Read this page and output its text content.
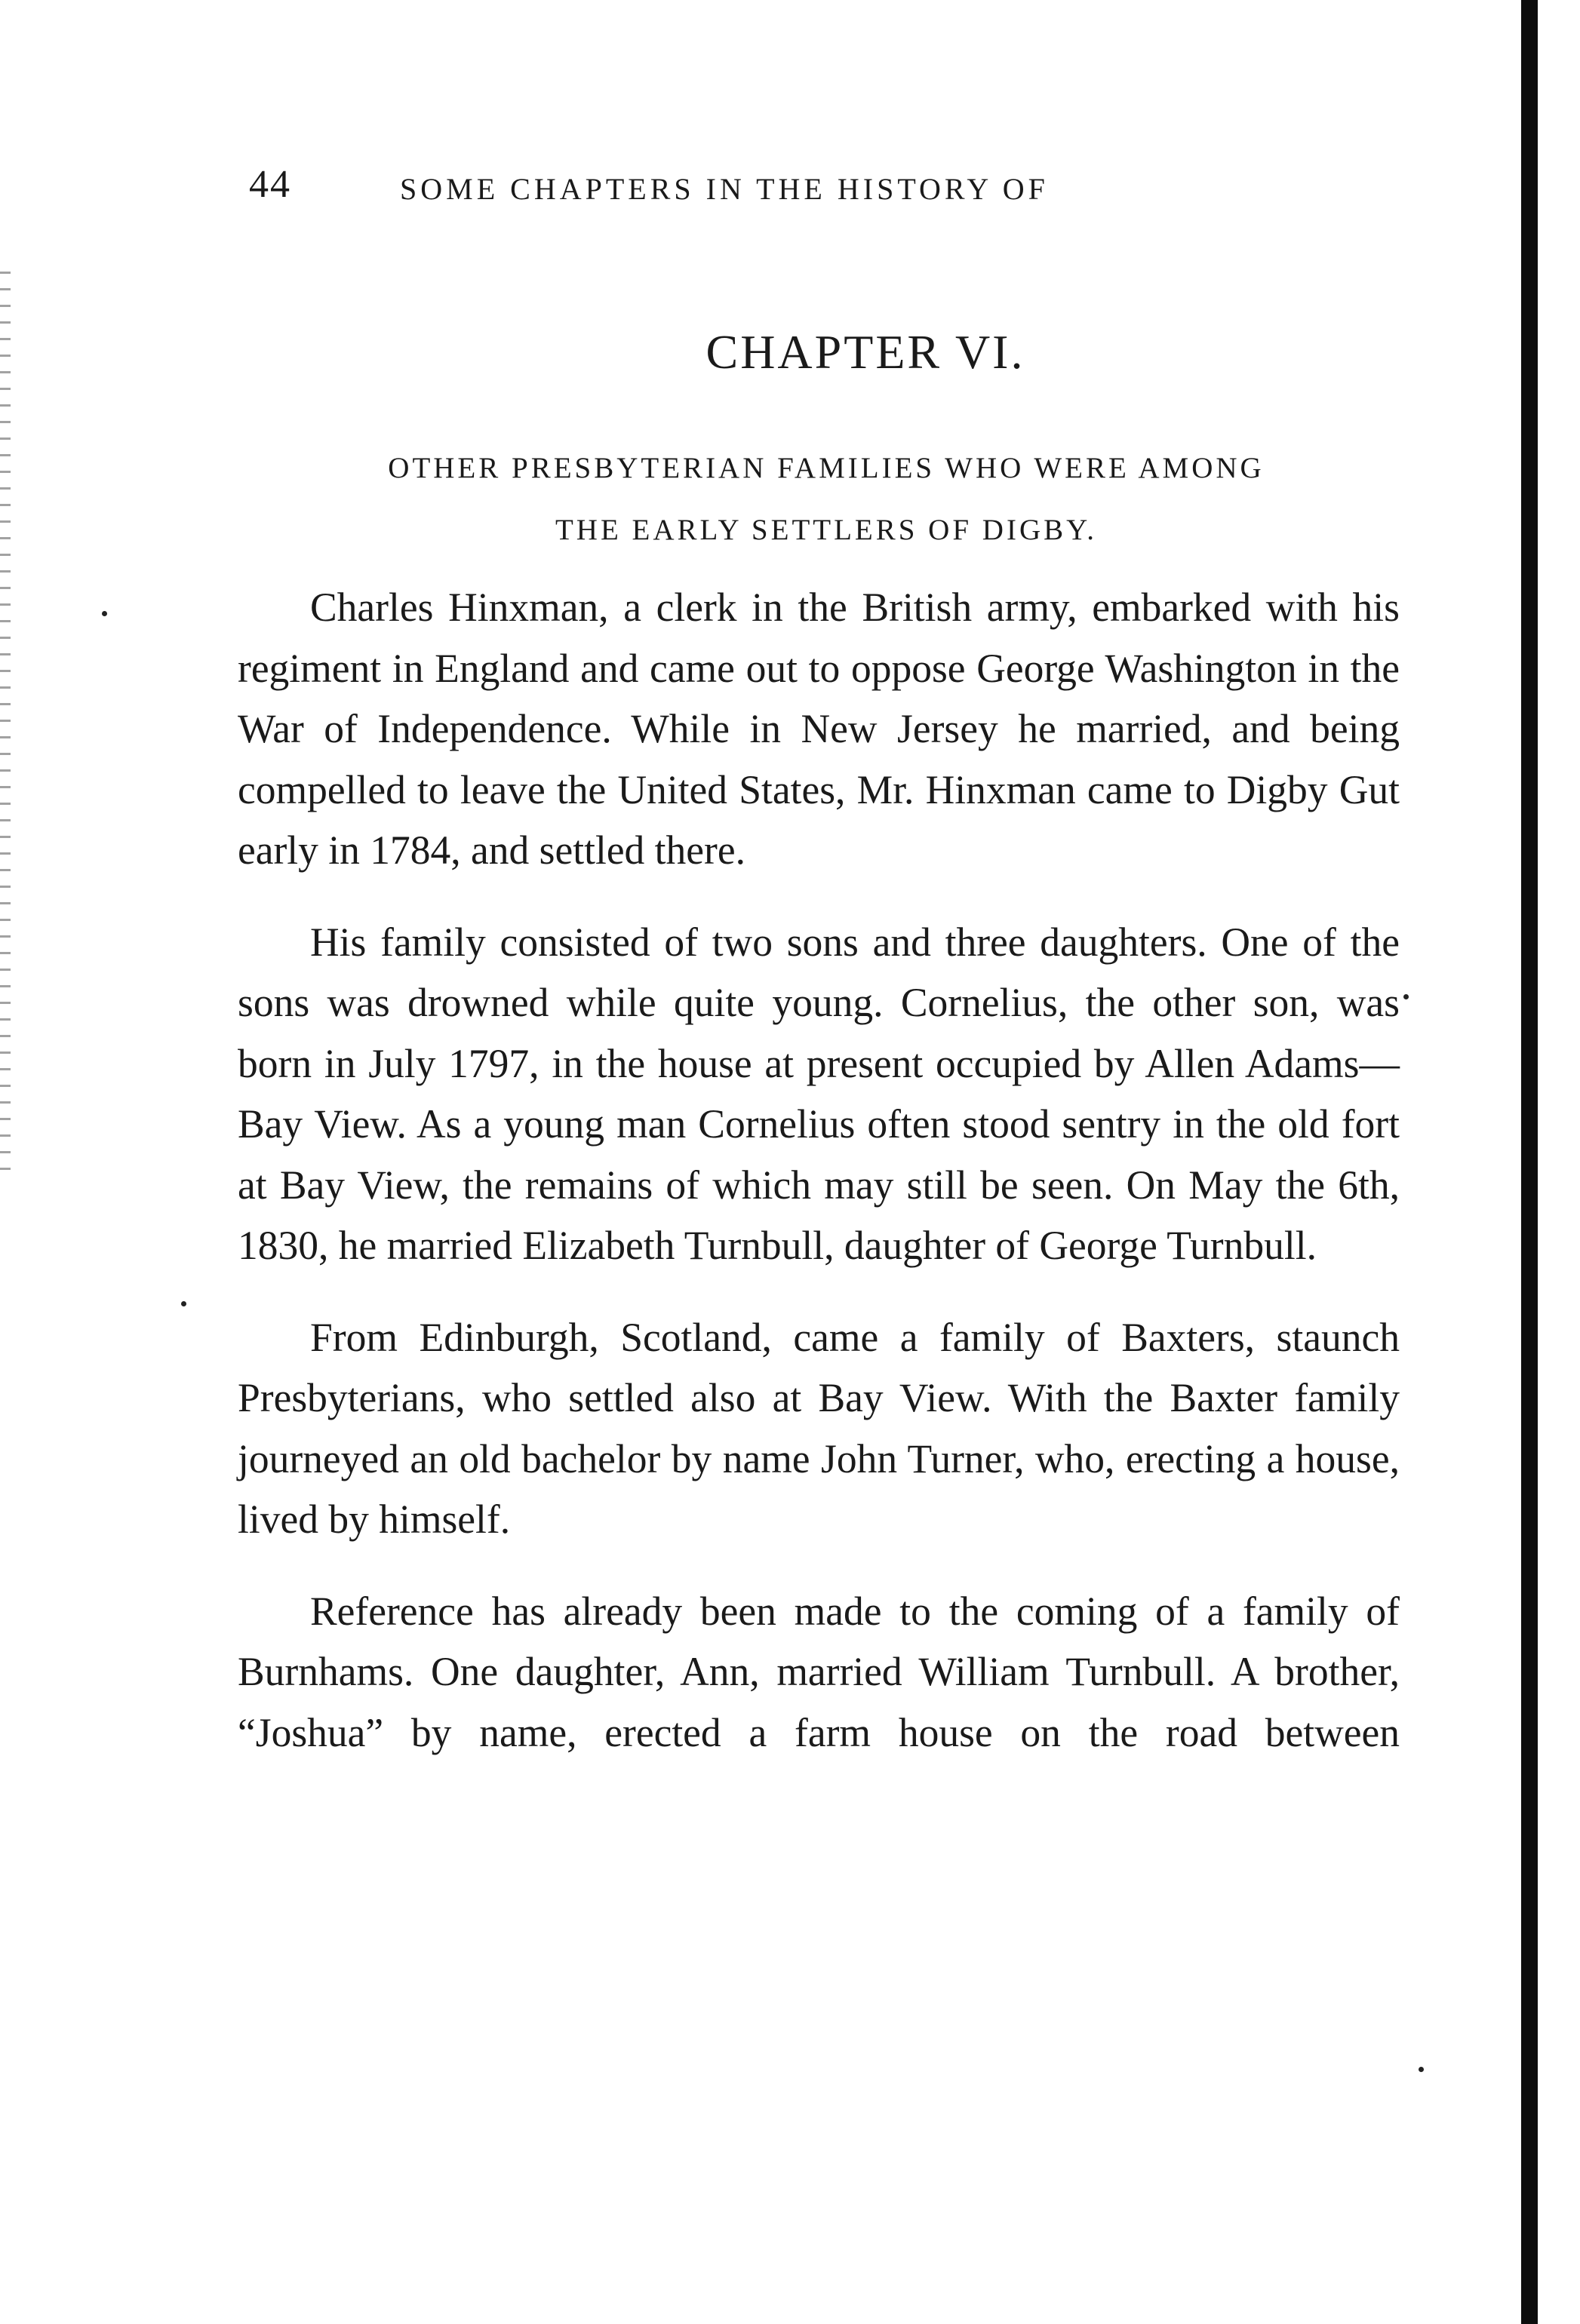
44	SOME CHAPTERS IN THE HISTORY OF
CHAPTER VI.
OTHER PRESBYTERIAN FAMILIES WHO WERE AMONG
THE EARLY SETTLERS OF DIGBY.

Charles Hinxman, a clerk in the British army, embarked with his regiment in England and came out to oppose George Washington in the War of Independence. While in New Jersey he married, and being compelled to leave the United States, Mr. Hinxman came to Digby Gut early in 1784, and settled there.

His family consisted of two sons and three daughters. One of the sons was drowned while quite young. Cornelius, the other son, was born in July 1797, in the house at present occupied by Allen Adams—Bay View. As a young man Cornelius often stood sentry in the old fort at Bay View, the remains of which may still be seen. On May the 6th, 1830, he married Elizabeth Turnbull, daughter of George Turnbull.

From Edinburgh, Scotland, came a family of Baxters, staunch Presbyterians, who settled also at Bay View. With the Baxter family journeyed an old bachelor by name John Turner, who, erecting a house, lived by himself.

Reference has already been made to the coming of a family of Burnhams. One daughter, Ann, married William Turnbull. A brother, “Joshua” by name, erected a farm house on the road between
